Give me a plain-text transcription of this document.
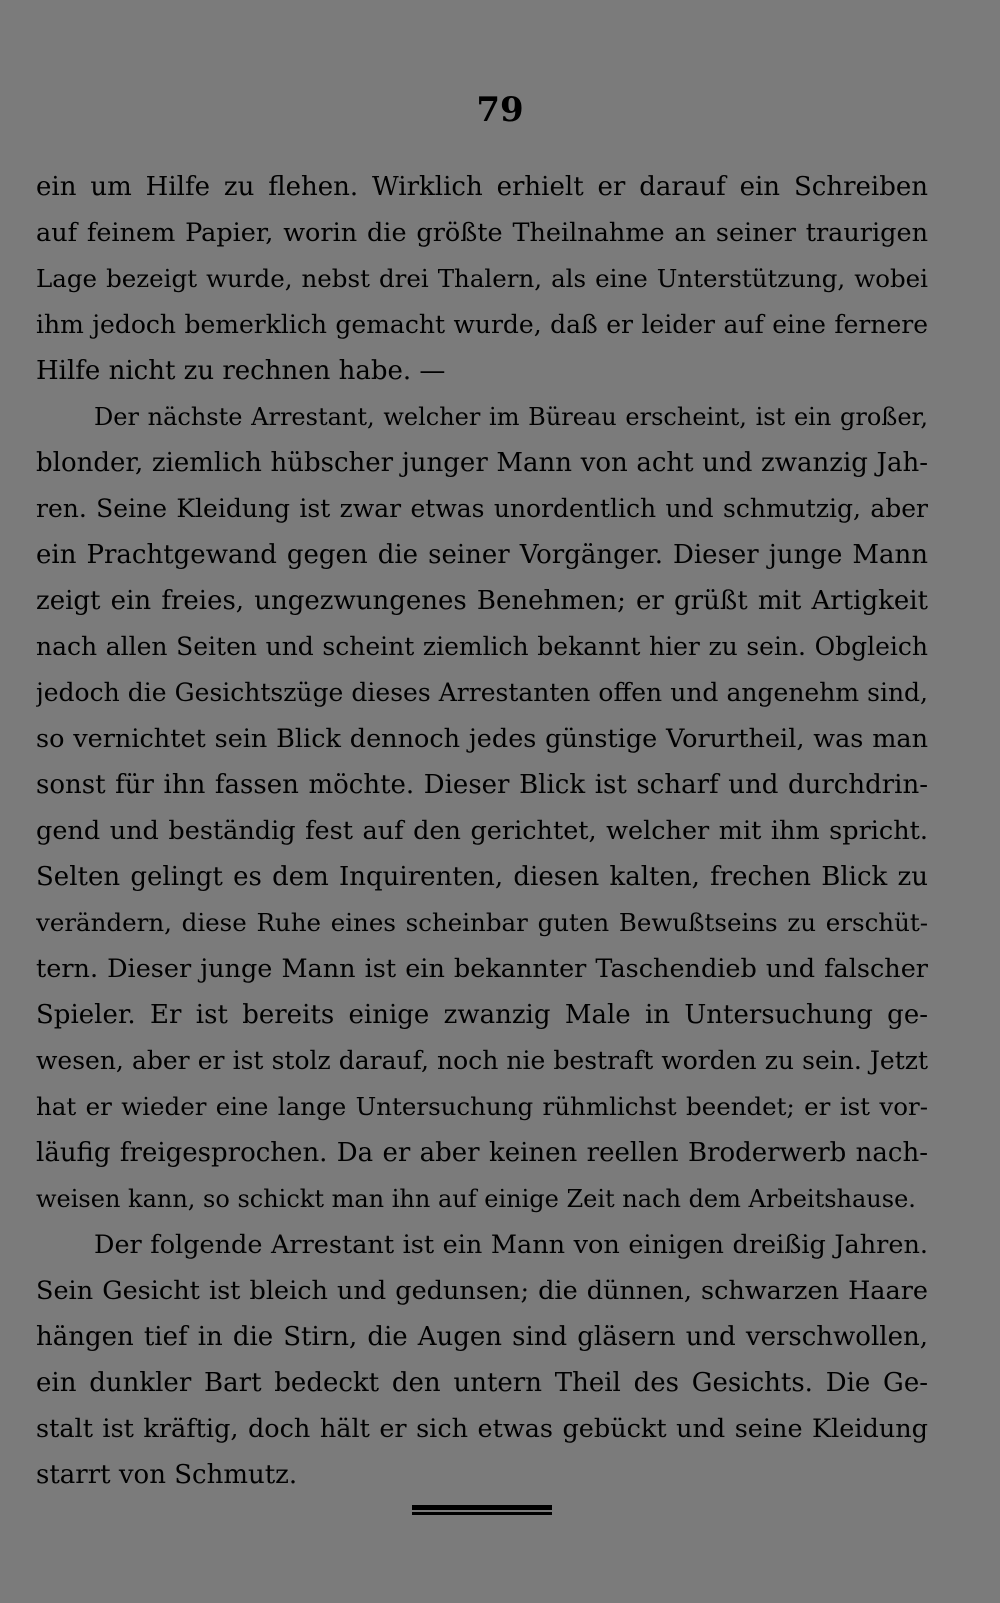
79
ein um Hilfe zu flehen. Wirklich erhielt er darauf ein Schreiben
auf feinem Papier, worin die größte Theilnahme an seiner traurigen
Lage bezeigt wurde, nebst drei Thalern, als eine Unterstützung, wobei
ihm jedoch bemerklich gemacht wurde, daß er leider auf eine fernere
Hilfe nicht zu rechnen habe. —
Der nächste Arrestant, welcher im Büreau erscheint, ist ein großer,
blonder, ziemlich hübscher junger Mann von acht und zwanzig Jah-
ren. Seine Kleidung ist zwar etwas unordentlich und schmutzig, aber
ein Prachtgewand gegen die seiner Vorgänger. Dieser junge Mann
zeigt ein freies, ungezwungenes Benehmen; er grüßt mit Artigkeit
nach allen Seiten und scheint ziemlich bekannt hier zu sein. Obgleich
jedoch die Gesichtszüge dieses Arrestanten offen und angenehm sind,
so vernichtet sein Blick dennoch jedes günstige Vorurtheil, was man
sonst für ihn fassen möchte. Dieser Blick ist scharf und durchdrin-
gend und beständig fest auf den gerichtet, welcher mit ihm spricht.
Selten gelingt es dem Inquirenten, diesen kalten, frechen Blick zu
verändern, diese Ruhe eines scheinbar guten Bewußtseins zu erschüt-
tern. Dieser junge Mann ist ein bekannter Taschendieb und falscher
Spieler. Er ist bereits einige zwanzig Male in Untersuchung ge-
wesen, aber er ist stolz darauf, noch nie bestraft worden zu sein. Jetzt
hat er wieder eine lange Untersuchung rühmlichst beendet; er ist vor-
läufig freigesprochen. Da er aber keinen reellen Broderwerb nach-
weisen kann, so schickt man ihn auf einige Zeit nach dem Arbeitshause.
Der folgende Arrestant ist ein Mann von einigen dreißig Jahren.
Sein Gesicht ist bleich und gedunsen; die dünnen, schwarzen Haare
hängen tief in die Stirn, die Augen sind gläsern und verschwollen,
ein dunkler Bart bedeckt den untern Theil des Gesichts. Die Ge-
stalt ist kräftig, doch hält er sich etwas gebückt und seine Kleidung
starrt von Schmutz.
